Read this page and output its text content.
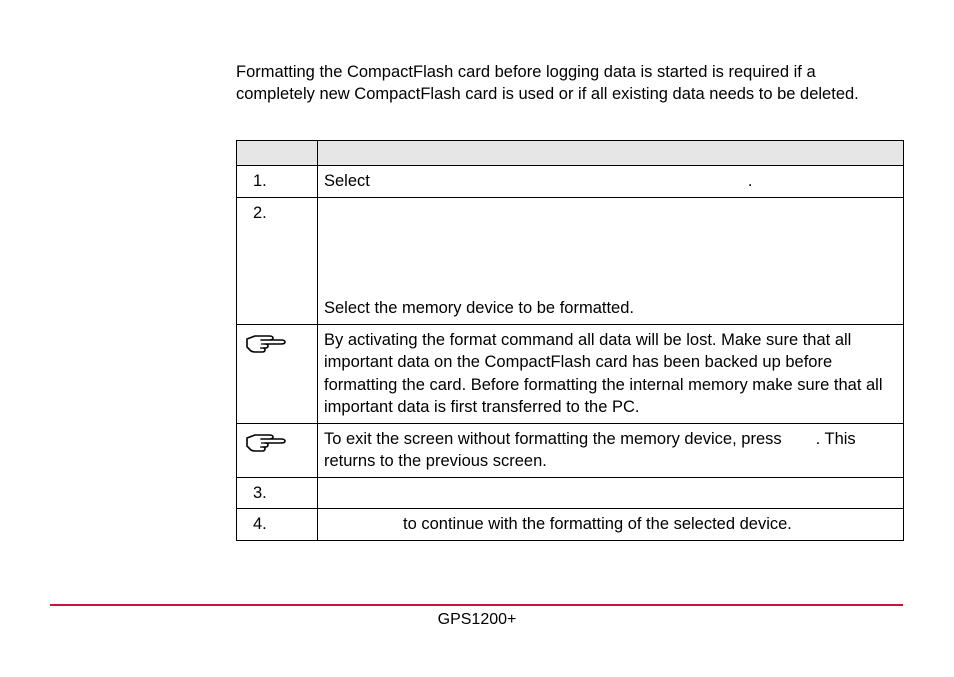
Formatting the CompactFlash card before logging data is started is required if a completely new CompactFlash card is used or if all existing data needs to be deleted.

1.	Select .
2.	Select the memory device to be formatted.

	By activating the format command all data will be lost. Make sure that all important data on the CompactFlash card has been backed up before formatting the card. Before formatting the internal memory make sure that all important data is first transferred to the PC.

	To exit the screen without formatting the memory device, press . This returns to the previous screen.
3.	
4.	to continue with the formatting of the selected device.
GPS1200+
